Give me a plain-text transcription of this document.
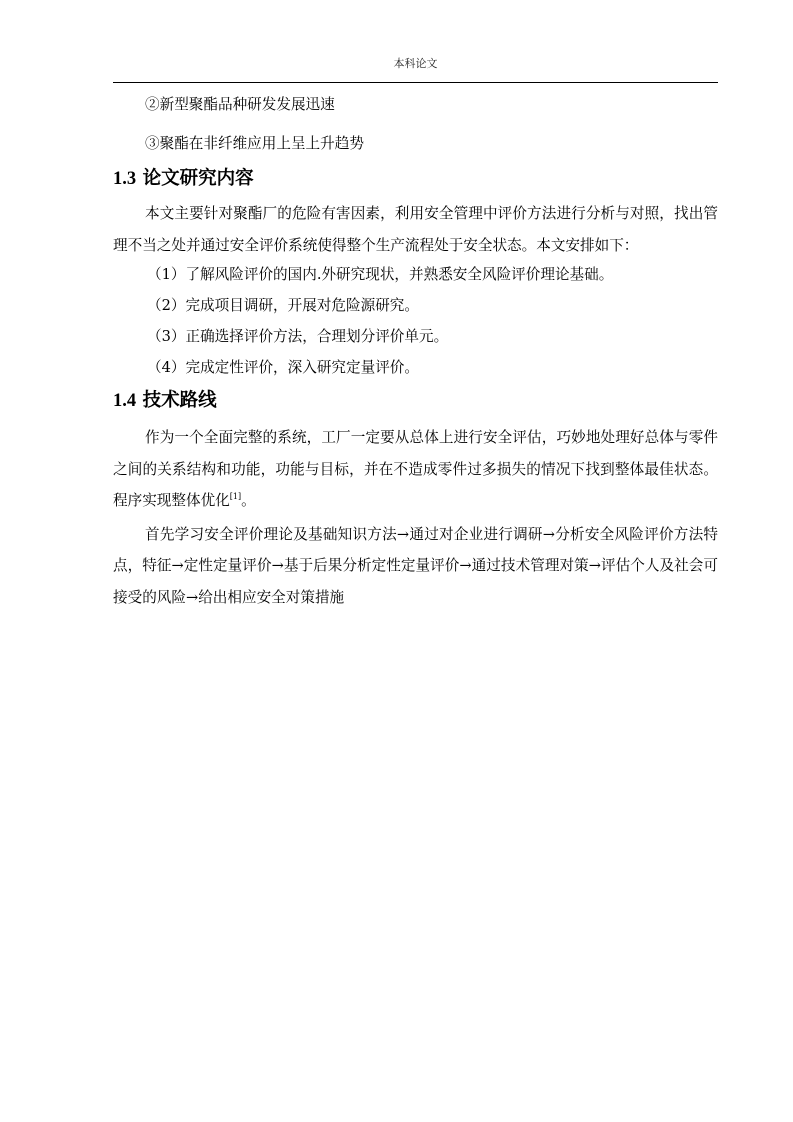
本科论文

②新型聚酯品种研发发展迅速

③聚酯在非纤维应用上呈上升趋势

1.3 论文研究内容

本文主要针对聚酯厂的危险有害因素，利用安全管理中评价方法进行分析与对照，找出管理不当之处并通过安全评价系统使得整个生产流程处于安全状态。本文安排如下：

（1）了解风险评价的国内.外研究现状，并熟悉安全风险评价理论基础。

（2）完成项目调研，开展对危险源研究。

（3）正确选择评价方法，合理划分评价单元。

（4）完成定性评价，深入研究定量评价。

1.4 技术路线

作为一个全面完整的系统，工厂一定要从总体上进行安全评估，巧妙地处理好总体与零件之间的关系结构和功能，功能与目标，并在不造成零件过多损失的情况下找到整体最佳状态。程序实现整体优化[1]。

首先学习安全评价理论及基础知识方法→通过对企业进行调研→分析安全风险评价方法特点，特征→定性定量评价→基于后果分析定性定量评价→通过技术管理对策→评估个人及社会可接受的风险→给出相应安全对策措施
